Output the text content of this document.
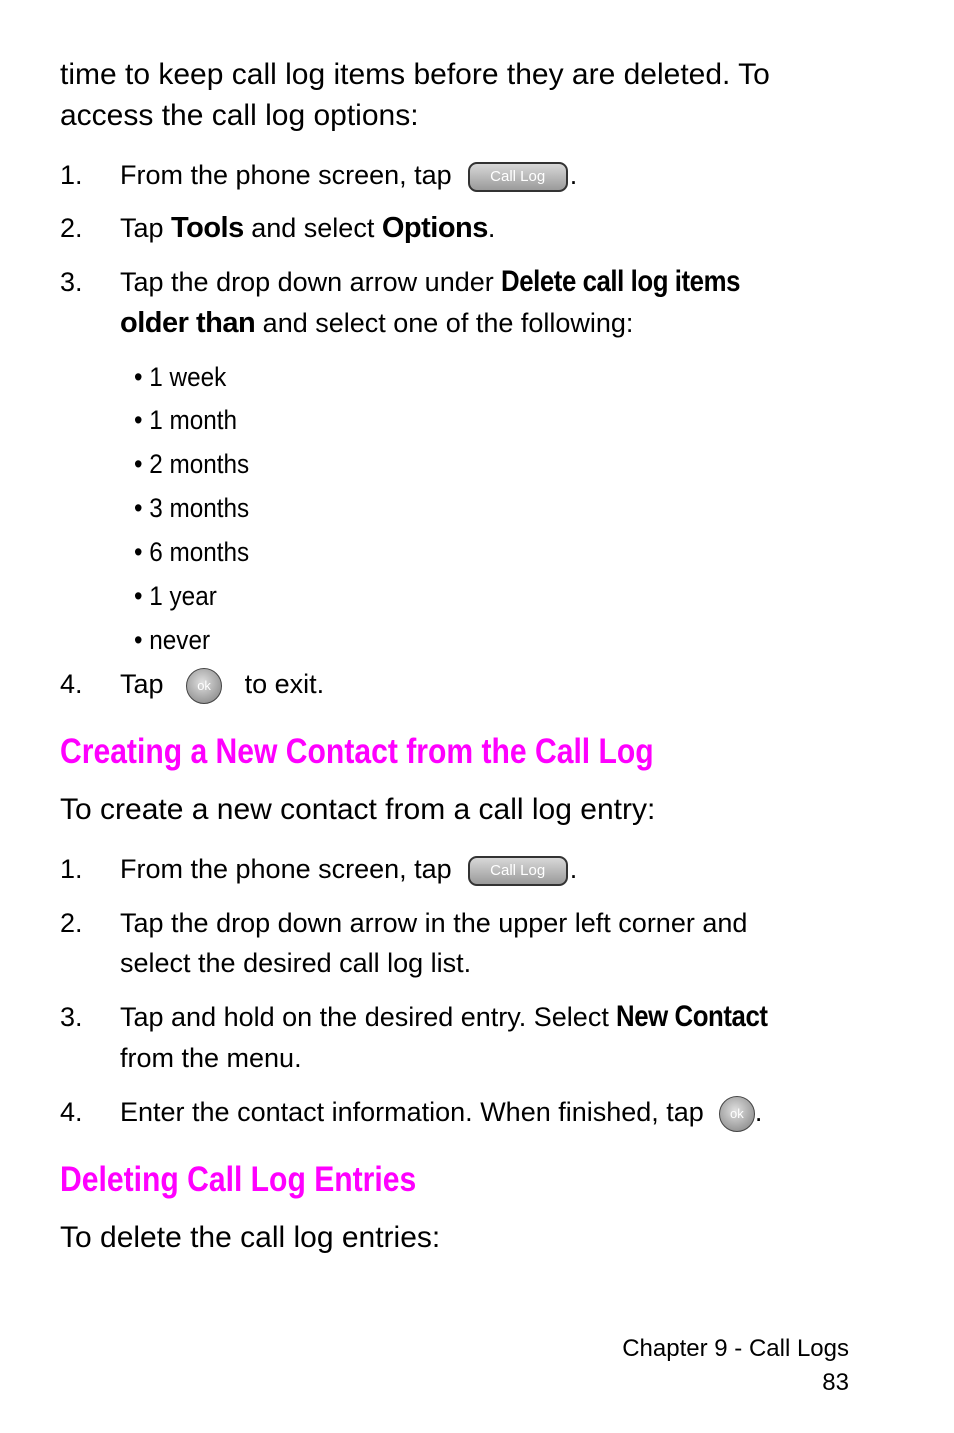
time to keep call log items before they are deleted. To
access the call log options:
1. From the phone screen, tap	Call Log .
2. Tap Tools and select Options.
3. Tap the drop down arrow under Delete call log items
older than and select one of the following:
• 1 week
• 1 month
• 2 months
• 3 months
• 6 months
• 1 year
• never
4. Tap	ok to exit.
Creating a New Contact from the Call Log
To create a new contact from a call log entry:
1. From the phone screen, tap	Call Log .
2. Tap the drop down arrow in the upper left corner and
select the desired call log list.
3. Tap and hold on the desired entry. Select New Contact
from the menu.
4. Enter the contact information. When finished, tap ok .
Deleting Call Log Entries
To delete the call log entries:
Chapter 9 - Call Logs
83
